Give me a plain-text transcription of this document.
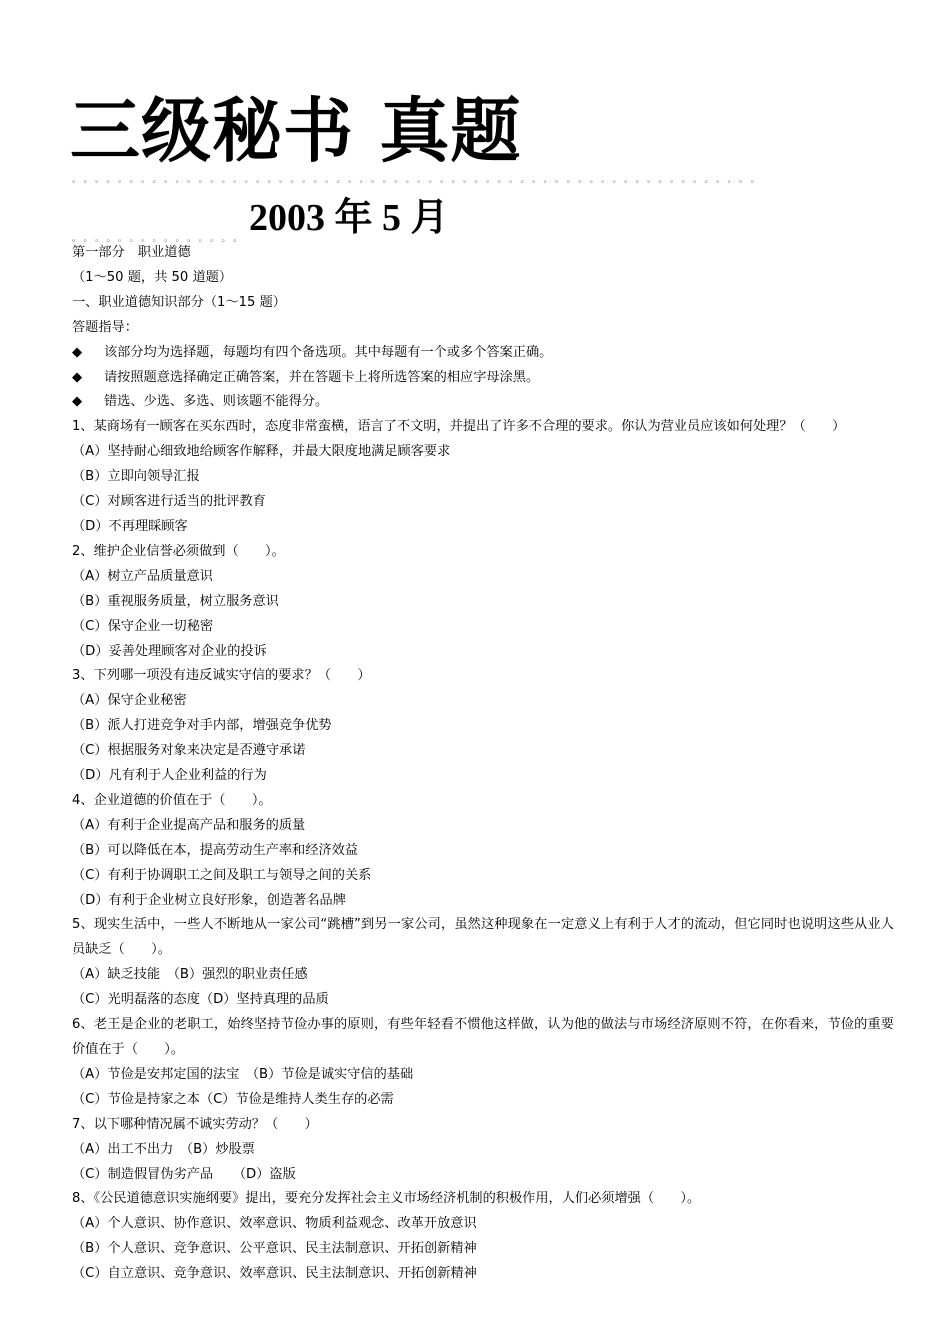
三级秘书 真题
。。。。。。。。。。。。。。。。。。。。。。。。。。。。。。。。。。。。。。。。。。。。。。。。。。。。。。。。。。。。
。。。。。。。。。。。。。。。2003 年 5 月

第一部分　职业道德

（1～50 题，共 50 道题）

一、职业道德知识部分（1～15 题）

答题指导：

◆ 该部分均为选择题，每题均有四个备选项。其中每题有一个或多个答案正确。

◆ 请按照题意选择确定正确答案，并在答题卡上将所选答案的相应字母涂黑。

◆ 错选、少选、多选、则该题不能得分。

1、某商场有一顾客在买东西时，态度非常蛮横，语言了不文明，并提出了许多不合理的要求。你认为营业员应该如何处理？（　　）

（A）坚持耐心细致地给顾客作解释，并最大限度地满足顾客要求

（B）立即向领导汇报

（C）对顾客进行适当的批评教育

（D）不再理睬顾客

2、维护企业信誉必须做到（　　）。

（A）树立产品质量意识

（B）重视服务质量，树立服务意识

（C）保守企业一切秘密

（D）妥善处理顾客对企业的投诉

3、下列哪一项没有违反诚实守信的要求？（　　）

（A）保守企业秘密

（B）派人打进竞争对手内部，增强竞争优势

（C）根据服务对象来决定是否遵守承诺

（D）凡有利于人企业利益的行为

4、企业道德的价值在于（　　）。

（A）有利于企业提高产品和服务的质量

（B）可以降低在本，提高劳动生产率和经济效益

（C）有利于协调职工之间及职工与领导之间的关系

（D）有利于企业树立良好形象，创造著名品牌

5、现实生活中，一些人不断地从一家公司“跳槽”到另一家公司，虽然这种现象在一定意义上有利于人才的流动，但它同时也说明这些从业人员缺乏（　　）。

（A）缺乏技能　（B）强烈的职业责任感

（C）光明磊落的态度（D）坚持真理的品质

6、老王是企业的老职工，始终坚持节俭办事的原则，有些年轻看不惯他这样做，认为他的做法与市场经济原则不符，在你看来，节俭的重要价值在于（　　）。

（A）节俭是安邦定国的法宝　（B）节俭是诚实守信的基础

（C）节俭是持家之本（C）节俭是维持人类生存的必需

7、以下哪种情况属不诚实劳动？（　　）

（A）出工不出力　（B）炒股票

（C）制造假冒伪劣产品　　（D）盗版

8、《公民道德意识实施纲要》提出，要充分发挥社会主义市场经济机制的积极作用，人们必须增强（　　）。

（A）个人意识、协作意识、效率意识、物质利益观念、改革开放意识

（B）个人意识、竞争意识、公平意识、民主法制意识、开拓创新精神

（C）自立意识、竞争意识、效率意识、民主法制意识、开拓创新精神
